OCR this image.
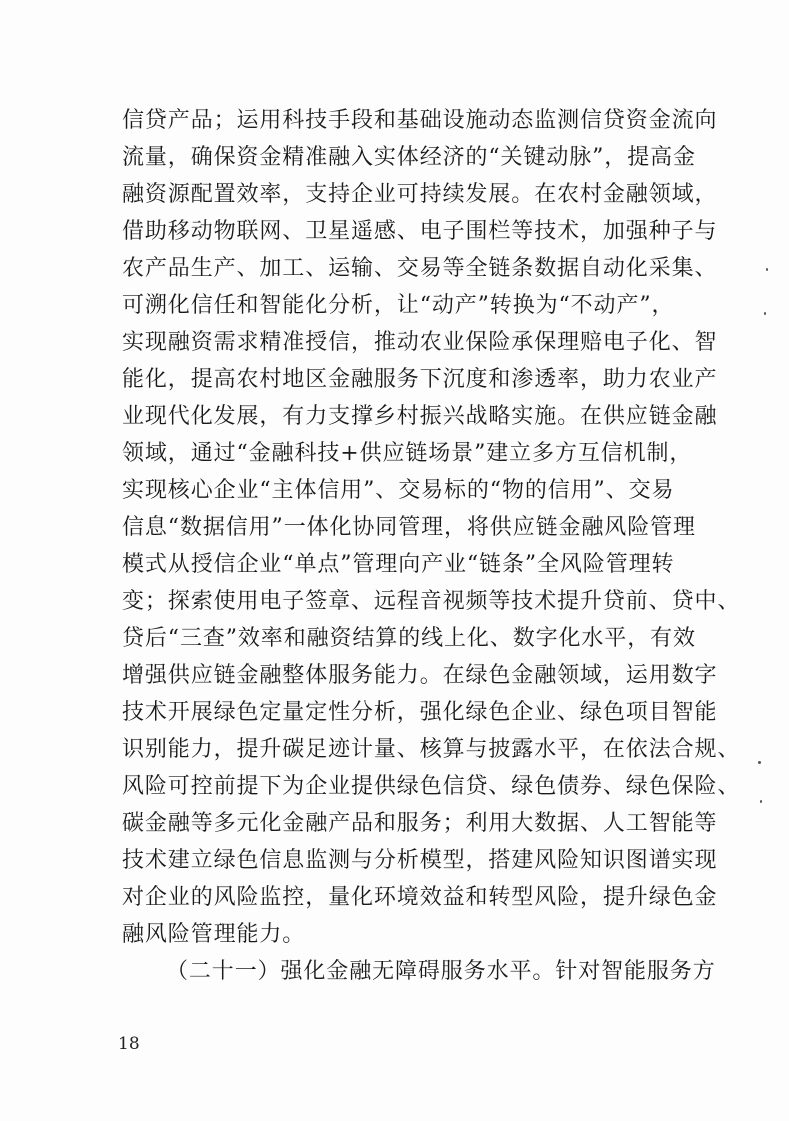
信贷产品；运用科技手段和基础设施动态监测信贷资金流向
流量，确保资金精准融入实体经济的“关键动脉”，提高金
融资源配置效率，支持企业可持续发展。在农村金融领域，
借助移动物联网、卫星遥感、电子围栏等技术，加强种子与
农产品生产、加工、运输、交易等全链条数据自动化采集、
可溯化信任和智能化分析，让“动产”转换为“不动产”，
实现融资需求精准授信，推动农业保险承保理赔电子化、智
能化，提高农村地区金融服务下沉度和渗透率，助力农业产
业现代化发展，有力支撑乡村振兴战略实施。在供应链金融
领域，通过“金融科技+供应链场景”建立多方互信机制，
实现核心企业“主体信用”、交易标的“物的信用”、交易
信息“数据信用”一体化协同管理，将供应链金融风险管理
模式从授信企业“单点”管理向产业“链条”全风险管理转
变；探索使用电子签章、远程音视频等技术提升贷前、贷中、
贷后“三查”效率和融资结算的线上化、数字化水平，有效
增强供应链金融整体服务能力。在绿色金融领域，运用数字
技术开展绿色定量定性分析，强化绿色企业、绿色项目智能
识别能力，提升碳足迹计量、核算与披露水平，在依法合规、
风险可控前提下为企业提供绿色信贷、绿色债券、绿色保险、
碳金融等多元化金融产品和服务；利用大数据、人工智能等
技术建立绿色信息监测与分析模型，搭建风险知识图谱实现
对企业的风险监控，量化环境效益和转型风险，提升绿色金
融风险管理能力。
（二十一）强化金融无障碍服务水平。针对智能服务方
18
